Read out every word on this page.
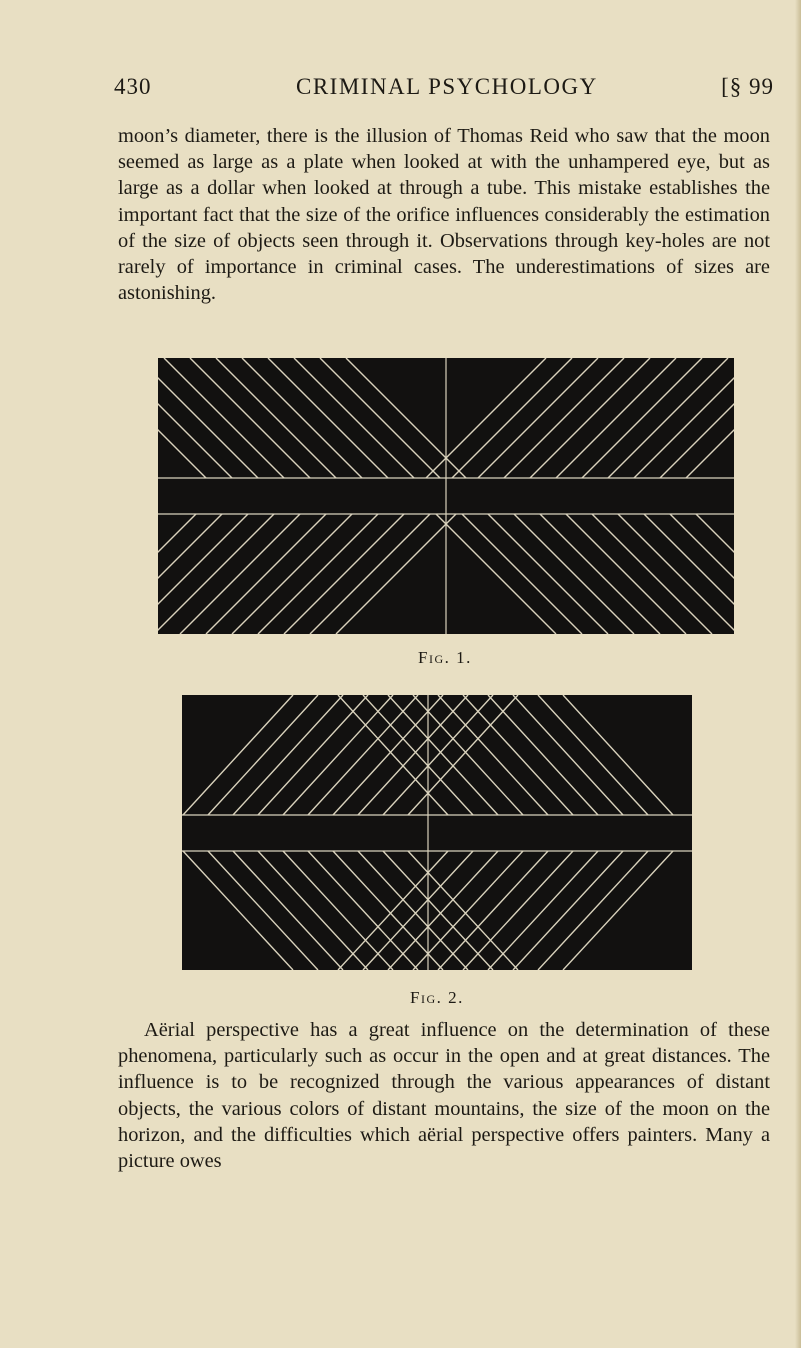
430	CRIMINAL PSYCHOLOGY	[§ 99

moon’s diameter, there is the illusion of Thomas Reid who saw that the moon seemed as large as a plate when looked at with the unhampered eye, but as large as a dollar when looked at through a tube. This mistake establishes the important fact that the size of the orifice influences considerably the estimation of the size of objects seen through it. Observations through key-holes are not rarely of importance in criminal cases. The underestimations of sizes are astonishing.

Fig. 1.
Fig. 2.

Aërial perspective has a great influence on the determination of these phenomena, particularly such as occur in the open and at great distances. The influence is to be recognized through the various appearances of distant objects, the various colors of distant mountains, the size of the moon on the horizon, and the difficulties which aërial perspective offers painters. Many a picture owes
